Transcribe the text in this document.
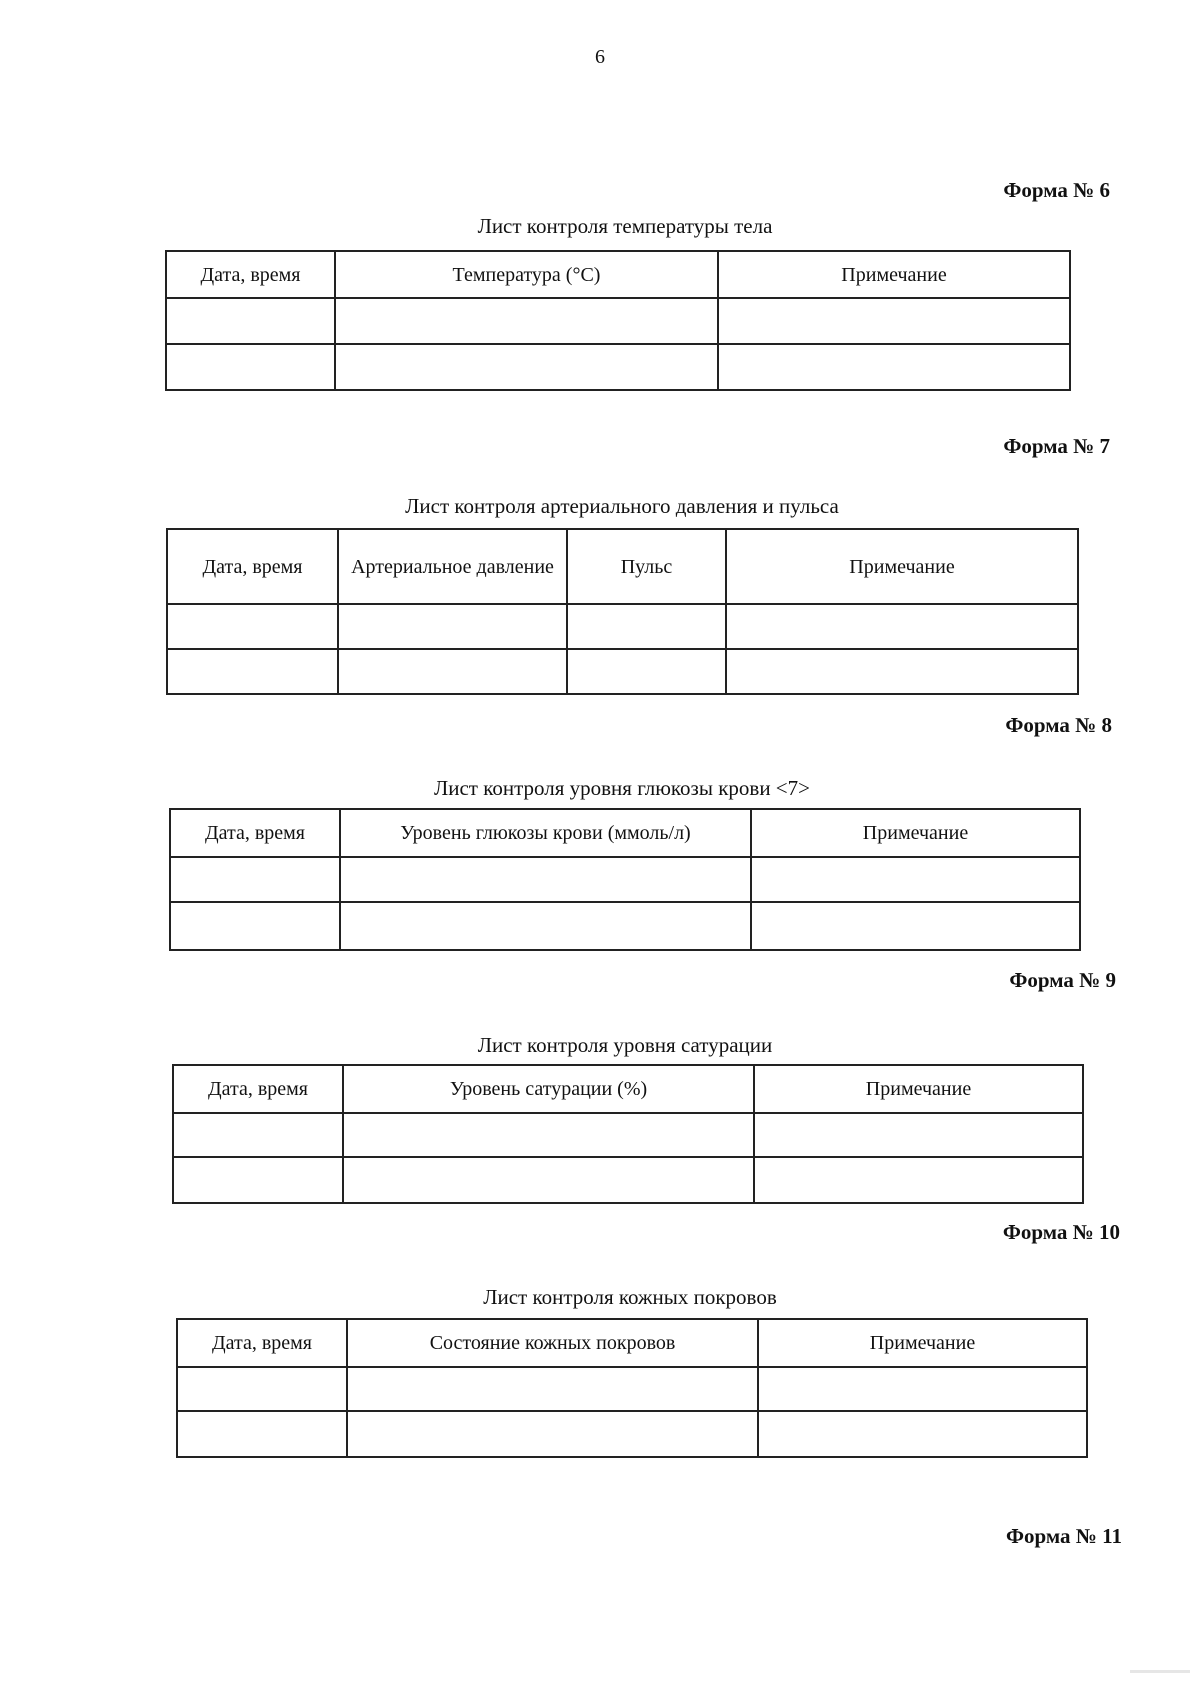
6
Форма № 6
Лист контроля температуры тела
Дата, время	Температура (°C)	Примечание

Форма № 7
Лист контроля артериального давления и пульса
Дата, время	Артериальное давление	Пульс	Примечание

Форма № 8
Лист контроля уровня глюкозы крови <7>
Дата, время	Уровень глюкозы крови (ммоль/л)	Примечание

Форма № 9
Лист контроля уровня сатурации
Дата, время	Уровень сатурации (%)	Примечание

Форма № 10
Лист контроля кожных покровов
Дата, время	Состояние кожных покровов	Примечание

Форма № 11
